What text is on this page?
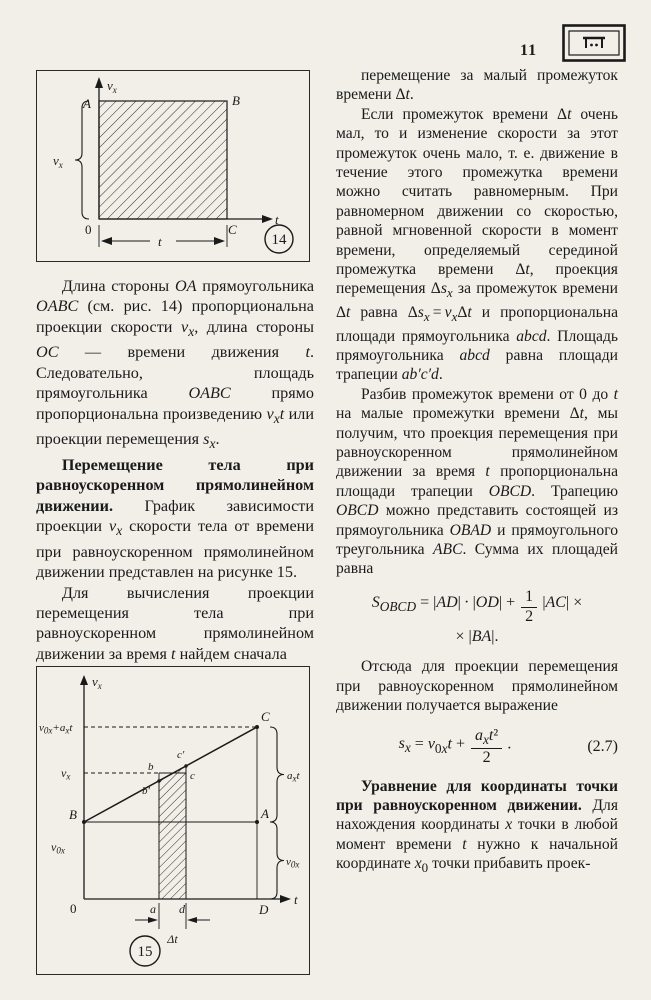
11
$v_x$
t
A	B
0	C
$v_x$
t	14

Длина стороны OA прямоугольника OABC (см. рис. 14) пропорциональна проекции скорости $v_x$, длина стороны OC — времени движения t. Следовательно, площадь прямоугольника OABC прямо пропорциональна произведению $v_xt$ или проекции перемещения $s_x$.

Перемещение тела при равноускоренном прямолинейном движении. График зависимости проекции $v_x$ скорости тела от времени при равноускоренном прямолинейном движении представлен на рисунке 15.

Для вычисления проекции перемещения тела при равноускоренном прямолинейном движении за время t найдем сначала

$v_x$
t
0
$v_{0x}+a_xt$
$v_x$
B
$v_{0x}$
b
b′
c′
c
C
A
D
$a_xt$
$v_{0x}$
a d
Δt
15

перемещение за малый промежуток времени Δt.

Если промежуток времени Δt очень мал, то и изменение скорости за этот промежуток очень мало, т. е. движение в течение этого промежутка времени можно считать равномерным. При равномерном движении со скоростью, равной мгновенной скорости в момент времени, определяемый серединой промежутка времени Δt, проекция перемещения $\Delta s_x$ за промежуток времени Δt равна $\Delta s_x = v_x\Delta t$ и пропорциональна площади прямоугольника abcd. Площадь прямоугольника abcd равна площади трапеции ab′c′d.

Разбив промежуток времени от 0 до t на малые промежутки времени Δt, мы получим, что проекция перемещения при равноускоренном прямолинейном движении за время t пропорциональна площади трапеции OBCD. Трапецию OBCD можно представить состоящей из прямоугольника OBAD и прямоугольного треугольника ABC. Сумма их площадей равна

$S_{OBCD} = |AD| \cdot |OD| + \frac{1}{2} |AC|$ ×
× |BA|.

Отсюда для проекции перемещения при равноускоренном прямолинейном движении получается выражение

$s_x = v_{0x}t + \frac{a_xt^2}{2}$  .	(2.7)

Уравнение для координаты точки при равноускоренном движении. Для нахождения координаты x точки в любой момент времени t нужно к начальной координате $x_0$ точки прибавить проек-
